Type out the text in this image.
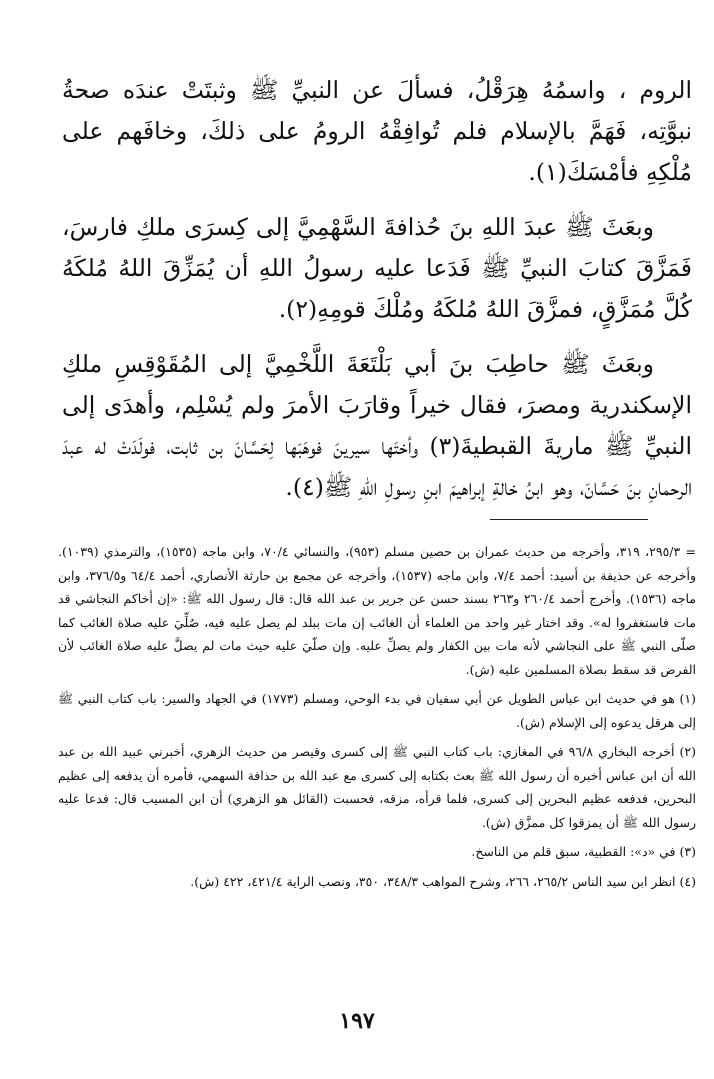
الروم ، واسمُهُ هِرَقْلُ، فسألَ عن النبيِّ ﷺ وثبتَتْ عندَه صحةُ نبوَّتِه، فَهَمَّ بالإسلام فلم تُوافِقْهُ الرومُ على ذلكَ، وخافَهم على مُلْكِهِ فأمْسَكَ(١).

وبعَثَ ﷺ عبدَ اللهِ بنَ حُذافةَ السَّهْمِيَّ إلى كِسرَى ملكِ فارسَ، فَمَزَّقَ كتابَ النبيِّ ﷺ فَدَعا عليه رسولُ اللهِ أن يُمَزِّقَ اللهُ مُلكَهُ كُلَّ مُمَزَّقٍ، فمزَّقَ اللهُ مُلكَهُ ومُلْكَ قومِهِ(٢).

وبعَثَ ﷺ حاطِبَ بنَ أبي بَلْتَعَةَ اللَّخْمِيَّ إلى المُقَوْقِسِ ملكِ الإسكندرية ومصرَ، فقال خيراً وقارَبَ الأمرَ ولم يُسْلِم، وأهدَى إلى النبيِّ ﷺ ماريةَ القبطيةَ(٣) وأختَها سيرينَ فوهَبَها لِحَسَّانَ بن ثابت، فولَدَتْ له عبدَ الرحمانِ بنَ حَسَّانَ، وهو ابنُ خالةِ إبراهيمَ ابنِ رسولِ اللهِ ﷺ(٤).

= ٢٩٥/٣، ٣١٩، وأخرجه من حديث عمران بن حصين مسلم (٩٥٣)، والنسائي ٧٠/٤، وابن ماجه (١٥٣٥)، والترمذي (١٠٣٩). وأخرجه عن حذيفة بن أسيد: أحمد ٧/٤، وابن ماجه (١٥٣٧)، وأخرجه عن مجمع بن حارثة الأنصاري، أحمد ٦٤/٤ و٣٧٦/٥، وابن ماجه (١٥٣٦). وأخرج أحمد ٢٦٠/٤ و٢٦٣ بسند حسن عن جرير بن عبد الله قال: قال رسول الله ﷺ: «إن أخاكم النجاشي قد مات فاستغفروا له». وقد اختار غير واحد من العلماء أن الغائب إن مات ببلد لم يصل عليه فيه، صُلِّيَ عليه صلاة الغائب كما صلّى النبي ﷺ على النجاشي لأنه مات بين الكفار ولم يصلِّ عليه. وإن صلّيَ عليه حيث مات لم يصلَّ عليه صلاة الغائب لأن الفرض قد سقط بصلاة المسلمين عليه (ش).

(١) هو في حديث ابن عباس الطويل عن أبي سفيان في بدء الوحي، ومسلم (١٧٧٣) في الجهاد والسير: باب كتاب النبي ﷺ إلى هرقل يدعوه إلى الإسلام (ش).

(٢) أخرجه البخاري ٩٦/٨ في المغازي: باب كتاب النبي ﷺ إلى كسرى وقيصر من حديث الزهري، أخبرني عبيد الله بن عبد الله أن ابن عباس أخبره أن رسول الله ﷺ بعث بكتابه إلى كسرى مع عبد الله بن حذافة السهمي، فأمره أن يدفعه إلى عظيم البحرين، فدفعه عظيم البحرين إلى كسرى، فلما قرأه، مزقه، فحسبت (القائل هو الزهري) أن ابن المسيب قال: فدعا عليه رسول الله ﷺ أن يمزقوا كل ممزَّق (ش).

(٣) في «د»: القطبية، سبق قلم من الناسخ.

(٤) انظر ابن سيد الناس ٢٦٥/٢، ٢٦٦، وشرح المواهب ٣٤٨/٣، ٣٥٠، ونصب الراية ٤٢١/٤، ٤٢٢ (ش).

١٩٧
